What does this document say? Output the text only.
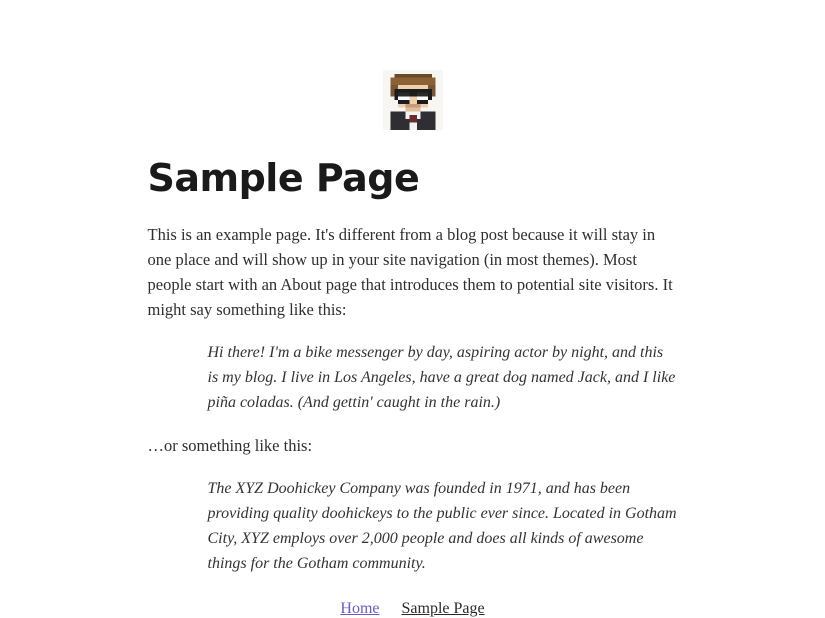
Sample Page

This is an example page. It's different from a blog post because it will stay in one place and will show up in your site navigation (in most themes). Most people start with an About page that introduces them to potential site visitors. It might say something like this:

Hi there! I'm a bike messenger by day, aspiring actor by night, and this is my blog. I live in Los Angeles, have a great dog named Jack, and I like piña coladas. (And gettin' caught in the rain.)

…or something like this:

The XYZ Doohickey Company was founded in 1971, and has been providing quality doohickeys to the public ever since. Located in Gotham City, XYZ employs over 2,000 people and does all kinds of awesome things for the Gotham community.

Home Sample Page
